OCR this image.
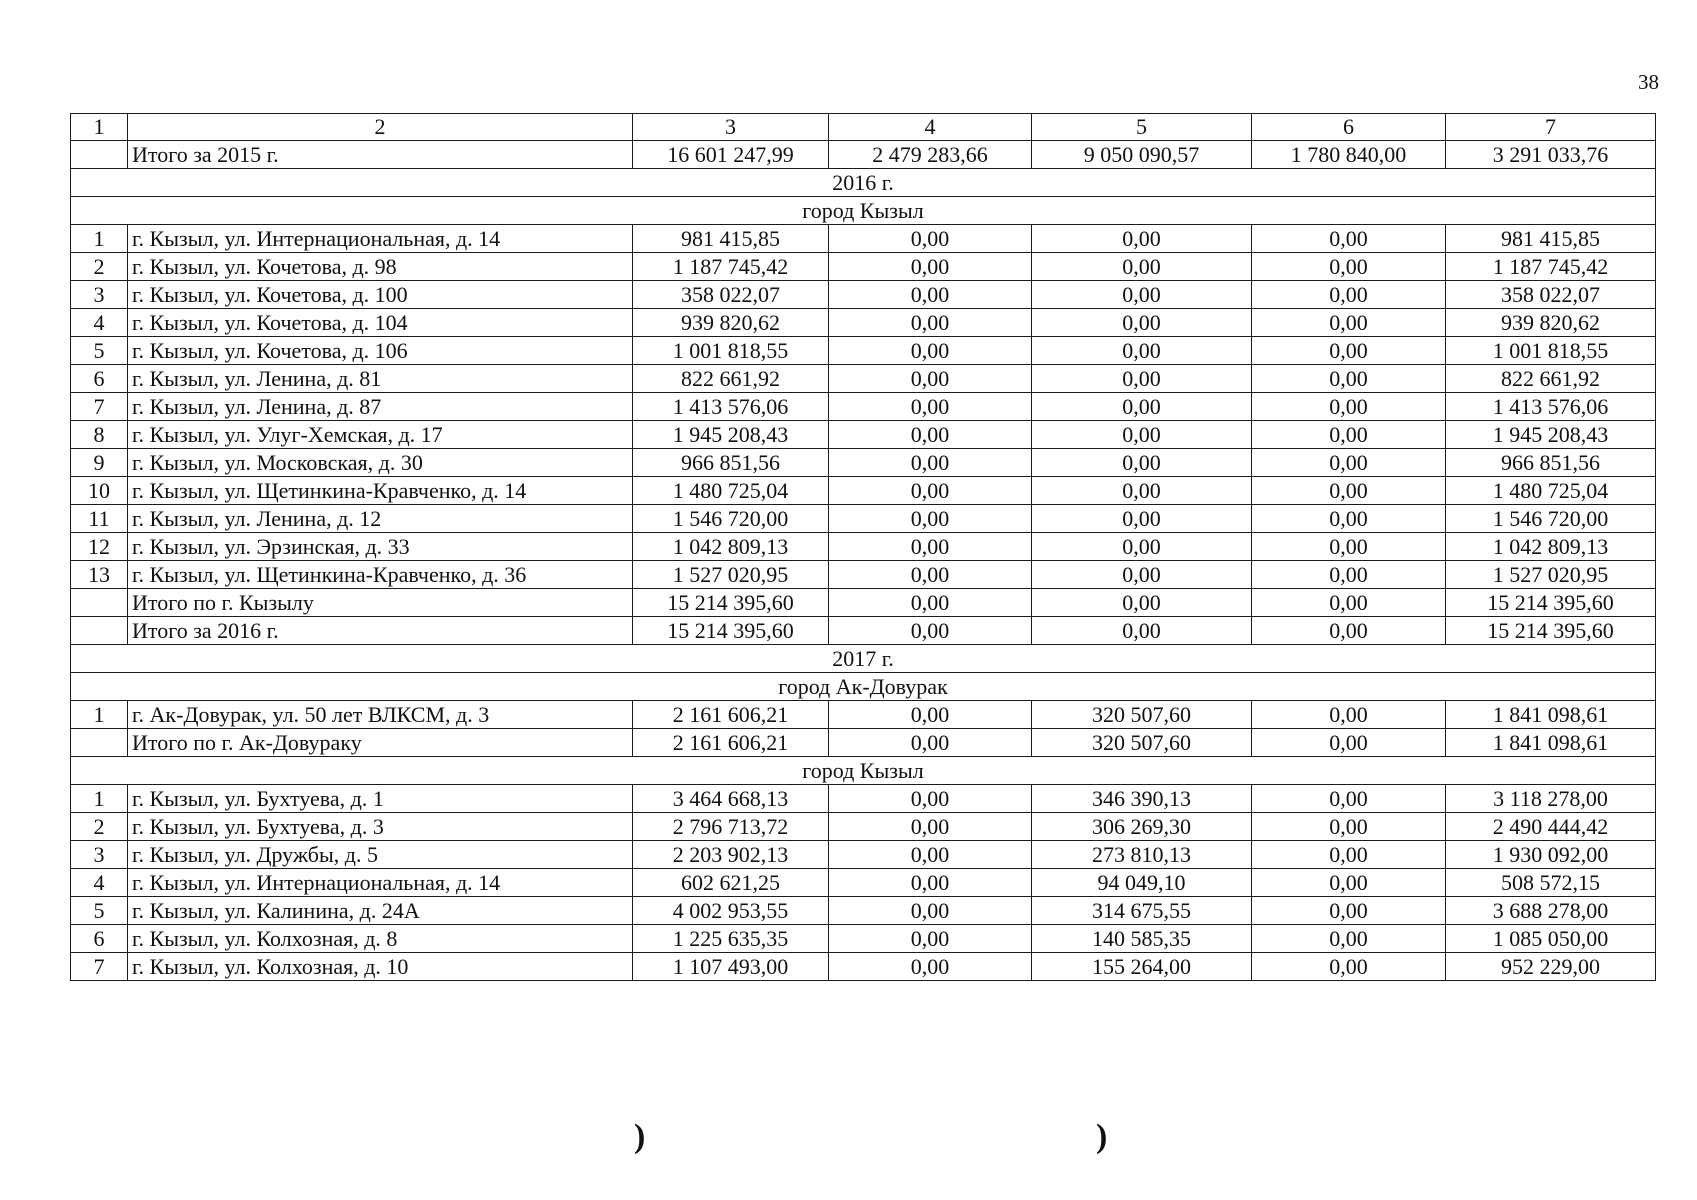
38
1	2	3	4	5	6	7
	Итого за 2015 г.	16 601 247,99	2 479 283,66	9 050 090,57	1 780 840,00	3 291 033,76
2016 г.						
город Кызыл						
1	г. Кызыл, ул. Интернациональная, д. 14	981 415,85	0,00	0,00	0,00	981 415,85
2	г. Кызыл, ул. Кочетова, д. 98	1 187 745,42	0,00	0,00	0,00	1 187 745,42
3	г. Кызыл, ул. Кочетова, д. 100	358 022,07	0,00	0,00	0,00	358 022,07
4	г. Кызыл, ул. Кочетова, д. 104	939 820,62	0,00	0,00	0,00	939 820,62
5	г. Кызыл, ул. Кочетова, д. 106	1 001 818,55	0,00	0,00	0,00	1 001 818,55
6	г. Кызыл, ул. Ленина, д. 81	822 661,92	0,00	0,00	0,00	822 661,92
7	г. Кызыл, ул. Ленина, д. 87	1 413 576,06	0,00	0,00	0,00	1 413 576,06
8	г. Кызыл, ул. Улуг-Хемская, д. 17	1 945 208,43	0,00	0,00	0,00	1 945 208,43
9	г. Кызыл, ул. Московская, д. 30	966 851,56	0,00	0,00	0,00	966 851,56
10	г. Кызыл, ул. Щетинкина-Кравченко, д. 14	1 480 725,04	0,00	0,00	0,00	1 480 725,04
11	г. Кызыл, ул. Ленина, д. 12	1 546 720,00	0,00	0,00	0,00	1 546 720,00
12	г. Кызыл, ул. Эрзинская, д. 33	1 042 809,13	0,00	0,00	0,00	1 042 809,13
13	г. Кызыл, ул. Щетинкина-Кравченко, д. 36	1 527 020,95	0,00	0,00	0,00	1 527 020,95
	Итого по г. Кызылу	15 214 395,60	0,00	0,00	0,00	15 214 395,60
	Итого за 2016 г.	15 214 395,60	0,00	0,00	0,00	15 214 395,60
2017 г.						
город Ак-Довурак						
1	г. Ак-Довурак, ул. 50 лет ВЛКСМ, д. 3	2 161 606,21	0,00	320 507,60	0,00	1 841 098,61
	Итого по г. Ак-Довураку	2 161 606,21	0,00	320 507,60	0,00	1 841 098,61
город Кызыл						
1	г. Кызыл, ул. Бухтуева, д. 1	3 464 668,13	0,00	346 390,13	0,00	3 118 278,00
2	г. Кызыл, ул. Бухтуева, д. 3	2 796 713,72	0,00	306 269,30	0,00	2 490 444,42
3	г. Кызыл, ул. Дружбы, д. 5	2 203 902,13	0,00	273 810,13	0,00	1 930 092,00
4	г. Кызыл, ул. Интернациональная, д. 14	602 621,25	0,00	94 049,10	0,00	508 572,15
5	г. Кызыл, ул. Калинина, д. 24А	4 002 953,55	0,00	314 675,55	0,00	3 688 278,00
6	г. Кызыл, ул. Колхозная, д. 8	1 225 635,35	0,00	140 585,35	0,00	1 085 050,00
7	г. Кызыл, ул. Колхозная, д. 10	1 107 493,00	0,00	155 264,00	0,00	952 229,00
)	)
